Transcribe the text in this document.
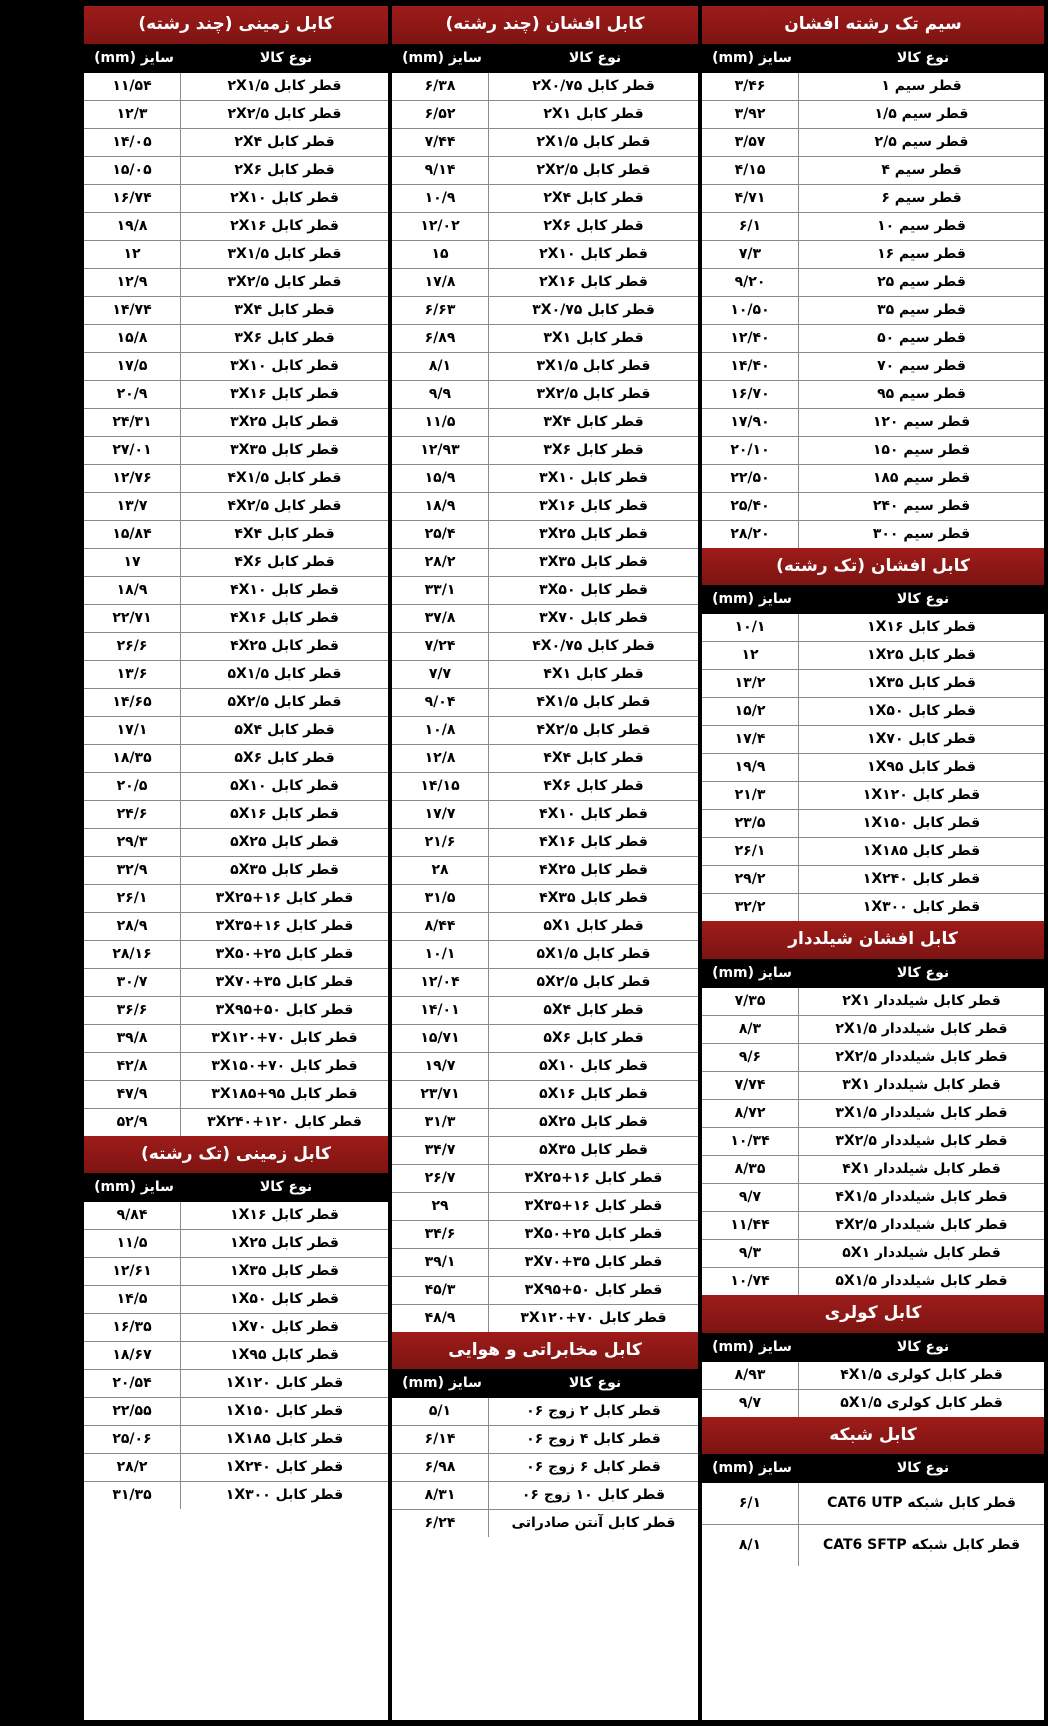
سیم تک رشته افشان
نوع کالا
سایز (mm)
قطر سیم ۱
۳/۴۶
قطر سیم ۱/۵
۳/۹۲
قطر سیم ۲/۵
۳/۵۷
قطر سیم ۴
۴/۱۵
قطر سیم ۶
۴/۷۱
قطر سیم ۱۰
۶/۱
قطر سیم ۱۶
۷/۳
قطر سیم ۲۵
۹/۲۰
قطر سیم ۳۵
۱۰/۵۰
قطر سیم ۵۰
۱۲/۴۰
قطر سیم ۷۰
۱۴/۴۰
قطر سیم ۹۵
۱۶/۷۰
قطر سیم ۱۲۰
۱۷/۹۰
قطر سیم ۱۵۰
۲۰/۱۰
قطر سیم ۱۸۵
۲۲/۵۰
قطر سیم ۲۴۰
۲۵/۴۰
قطر سیم ۳۰۰
۲۸/۲۰
کابل افشان (تک رشته)
نوع کالا
سایز (mm)
قطر کابل ۱X۱۶
۱۰/۱
قطر کابل ۱X۲۵
۱۲
قطر کابل ۱X۳۵
۱۳/۲
قطر کابل ۱X۵۰
۱۵/۲
قطر کابل ۱X۷۰
۱۷/۴
قطر کابل ۱X۹۵
۱۹/۹
قطر کابل ۱X۱۲۰
۲۱/۳
قطر کابل ۱X۱۵۰
۲۳/۵
قطر کابل ۱X۱۸۵
۲۶/۱
قطر کابل ۱X۲۴۰
۲۹/۲
قطر کابل ۱X۳۰۰
۳۲/۲
کابل افشان شیلددار
نوع کالا
سایز (mm)
قطر کابل شیلددار ۲X۱
۷/۳۵
قطر کابل شیلددار ۲X۱/۵
۸/۳
قطر کابل شیلددار ۲X۲/۵
۹/۶
قطر کابل شیلددار ۳X۱
۷/۷۴
قطر کابل شیلددار ۳X۱/۵
۸/۷۲
قطر کابل شیلددار ۳X۲/۵
۱۰/۳۴
قطر کابل شیلددار ۴X۱
۸/۳۵
قطر کابل شیلددار ۴X۱/۵
۹/۷
قطر کابل شیلددار ۴X۲/۵
۱۱/۴۴
قطر کابل شیلددار ۵X۱
۹/۳
قطر کابل شیلددار ۵X۱/۵
۱۰/۷۴
کابل کولری
نوع کالا
سایز (mm)
قطر کابل کولری ۴X۱/۵
۸/۹۳
قطر کابل کولری ۵X۱/۵
۹/۷
کابل شبکه
نوع کالا
سایز (mm)
قطر کابل شبکه CAT6 UTP
۶/۱
قطر کابل شبکه CAT6 SFTP
۸/۱
کابل افشان (چند رشته)
نوع کالا
سایز (mm)
قطر کابل ۲X۰/۷۵
۶/۳۸
قطر کابل ۲X۱
۶/۵۲
قطر کابل ۲X۱/۵
۷/۴۴
قطر کابل ۲X۲/۵
۹/۱۴
قطر کابل ۲X۴
۱۰/۹
قطر کابل ۲X۶
۱۲/۰۲
قطر کابل ۲X۱۰
۱۵
قطر کابل ۲X۱۶
۱۷/۸
قطر کابل ۳X۰/۷۵
۶/۶۳
قطر کابل ۳X۱
۶/۸۹
قطر کابل ۳X۱/۵
۸/۱
قطر کابل ۳X۲/۵
۹/۹
قطر کابل ۳X۴
۱۱/۵
قطر کابل ۳X۶
۱۲/۹۳
قطر کابل ۳X۱۰
۱۵/۹
قطر کابل ۳X۱۶
۱۸/۹
قطر کابل ۳X۲۵
۲۵/۴
قطر کابل ۳X۳۵
۲۸/۲
قطر کابل ۳X۵۰
۳۳/۱
قطر کابل ۳X۷۰
۳۷/۸
قطر کابل ۴X۰/۷۵
۷/۲۴
قطر کابل ۴X۱
۷/۷
قطر کابل ۴X۱/۵
۹/۰۴
قطر کابل ۴X۲/۵
۱۰/۸
قطر کابل ۴X۴
۱۲/۸
قطر کابل ۴X۶
۱۴/۱۵
قطر کابل ۴X۱۰
۱۷/۷
قطر کابل ۴X۱۶
۲۱/۶
قطر کابل ۴X۲۵
۲۸
قطر کابل ۴X۳۵
۳۱/۵
قطر کابل ۵X۱
۸/۴۴
قطر کابل ۵X۱/۵
۱۰/۱
قطر کابل ۵X۲/۵
۱۲/۰۴
قطر کابل ۵X۴
۱۴/۰۱
قطر کابل ۵X۶
۱۵/۷۱
قطر کابل ۵X۱۰
۱۹/۷
قطر کابل ۵X۱۶
۲۳/۷۱
قطر کابل ۵X۲۵
۳۱/۳
قطر کابل ۵X۳۵
۳۴/۷
قطر کابل ۳X۲۵+۱۶
۲۶/۷
قطر کابل ۳X۳۵+۱۶
۲۹
قطر کابل ۳X۵۰+۲۵
۳۴/۶
قطر کابل ۳X۷۰+۳۵
۳۹/۱
قطر کابل ۳X۹۵+۵۰
۴۵/۳
قطر کابل ۳X۱۲۰+۷۰
۴۸/۹
کابل مخابراتی و هوایی
نوع کالا
سایز (mm)
قطر کابل ۲ زوج ۰۶
۵/۱
قطر کابل ۴ زوج ۰۶
۶/۱۴
قطر کابل ۶ زوج ۰۶
۶/۹۸
قطر کابل ۱۰ زوج ۰۶
۸/۳۱
قطر کابل آنتن صادراتی
۶/۲۴
کابل زمینی (چند رشته)
نوع کالا
سایز (mm)
قطر کابل ۲X۱/۵
۱۱/۵۴
قطر کابل ۲X۲/۵
۱۲/۳
قطر کابل ۲X۴
۱۴/۰۵
قطر کابل ۲X۶
۱۵/۰۵
قطر کابل ۲X۱۰
۱۶/۷۴
قطر کابل ۲X۱۶
۱۹/۸
قطر کابل ۳X۱/۵
۱۲
قطر کابل ۳X۲/۵
۱۲/۹
قطر کابل ۳X۴
۱۴/۷۴
قطر کابل ۳X۶
۱۵/۸
قطر کابل ۳X۱۰
۱۷/۵
قطر کابل ۳X۱۶
۲۰/۹
قطر کابل ۳X۲۵
۲۴/۳۱
قطر کابل ۳X۳۵
۲۷/۰۱
قطر کابل ۴X۱/۵
۱۲/۷۶
قطر کابل ۴X۲/۵
۱۳/۷
قطر کابل ۴X۴
۱۵/۸۴
قطر کابل ۴X۶
۱۷
قطر کابل ۴X۱۰
۱۸/۹
قطر کابل ۴X۱۶
۲۲/۷۱
قطر کابل ۴X۲۵
۲۶/۶
قطر کابل ۵X۱/۵
۱۳/۶
قطر کابل ۵X۲/۵
۱۴/۶۵
قطر کابل ۵X۴
۱۷/۱
قطر کابل ۵X۶
۱۸/۳۵
قطر کابل ۵X۱۰
۲۰/۵
قطر کابل ۵X۱۶
۲۴/۶
قطر کابل ۵X۲۵
۲۹/۳
قطر کابل ۵X۳۵
۳۲/۹
قطر کابل ۳X۲۵+۱۶
۲۶/۱
قطر کابل ۳X۳۵+۱۶
۲۸/۹
قطر کابل ۳X۵۰+۲۵
۲۸/۱۶
قطر کابل ۳X۷۰+۳۵
۳۰/۷
قطر کابل ۳X۹۵+۵۰
۳۶/۶
قطر کابل ۳X۱۲۰+۷۰
۳۹/۸
قطر کابل ۳X۱۵۰+۷۰
۴۲/۸
قطر کابل ۳X۱۸۵+۹۵
۴۷/۹
قطر کابل ۳X۲۴۰+۱۲۰
۵۲/۹
کابل زمینی (تک رشته)
نوع کالا
سایز (mm)
قطر کابل ۱X۱۶
۹/۸۴
قطر کابل ۱X۲۵
۱۱/۵
قطر کابل ۱X۳۵
۱۲/۶۱
قطر کابل ۱X۵۰
۱۴/۵
قطر کابل ۱X۷۰
۱۶/۳۵
قطر کابل ۱X۹۵
۱۸/۶۷
قطر کابل ۱X۱۲۰
۲۰/۵۴
قطر کابل ۱X۱۵۰
۲۲/۵۵
قطر کابل ۱X۱۸۵
۲۵/۰۶
قطر کابل ۱X۲۴۰
۲۸/۲
قطر کابل ۱X۳۰۰
۳۱/۳۵
